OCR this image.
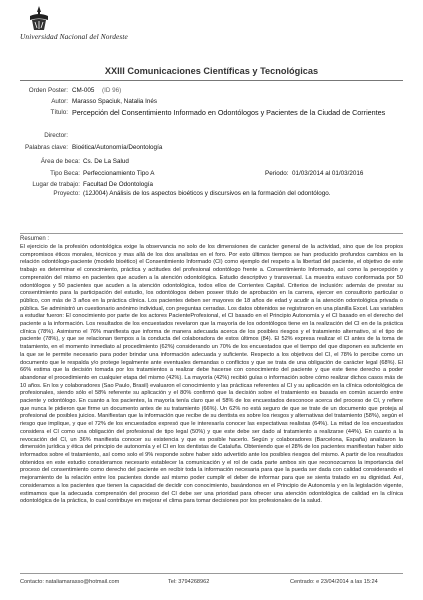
Universidad Nacional del Nordeste
XXIII Comunicaciones Científicas y Tecnológicas
Orden Poster: CM-005 (ID 96)
Autor: Marasso Spaciuk, Natalia Inés
Título: Percepción del Consentimiento Informado en Odontólogos y Pacientes de la Ciudad de Corrientes
Director:
Palabras clave: Bioética/Autonomía/Deontología
Área de beca: Cs. De La Salud
Tipo Beca: Perfeccionamiento Tipo A	Periodo: 01/03/2014 al 01/03/2016
Lugar de trabajo: Facultad De Odontología
Proyecto: (12J004) Análisis de los aspectos bioéticos y discursivos en la formación del odontólogo.
Resumen :
El ejercicio de la profesión odontológica exige la observancia no solo de los dimensiones de carácter general de la actividad, sino que de los propios compromisos éticos morales, técnicos y mas allá de los dos analistas en el foro. Por esto últimos tiempos se han producido profundos cambios en la relación odontólogo-paciente (modelo bioético) el Consentimiento Informado (CI) como ejemplo del respeto a la libertad del paciente, el objetivo de este trabajo es determinar el conocimiento, práctica y actitudes del profesional odontólogo frente a. Consentimiento Informado, así como la percepción y comprensión del mismo en pacientes que acuden a la atención odontológica. Estudio descriptivo y transversal. La muestra estuvo conformada por 50 odontólogos y 50 pacientes que acuden a la atención odontológica, todos ellos de Corrientes Capital. Criterios de inclusión: además de prestar su consentimiento para la participación del estudio, los odontólogos deben poseer título de aprobación en la carrera, ejercer en consultorio particular o público, con más de 3 años en la práctica clínica. Los pacientes deben ser mayores de 18 años de edad y acudir a la atención odontológica privada o pública. Se administró un cuestionario anónimo individual, con preguntas cerradas. Los datos obtenidos se registraron en una planilla Excel. Las variables a estudiar fueron: El conocimiento por parte de los actores PacienteProfesional, el CI basado en el Principio Autonomía y el CI basado en el derecho del paciente a la información. Los resultados de los encuestados revelaron que la mayoría de los odontólogos tiene en la realización del CI en de la práctica clínica (78%). Asimismo el 76% manifiesta que informa de manera adecuada acerca de los posibles riesgos y el tratamiento alternativo, si el tipo de paciente (78%), y que se relacionan tiempos a la conducta del colaboradora de estos últimos (84). El 52% expresa realizar el CI antes de la toma de tratamiento, en el momento inmediato al procedimiento (62%) considerando un 70% de los encuestados que el tiempo del que disponen es suficiente en la que se le permite necesario para poder brindar una información adecuada y suficiente. Respecto a los objetivos del CI, el 78% lo percibe como un documento que le respalda y/o protege legalmente ante eventuales demandas o conflictos y que se trata de una obligación de carácter legal (68%). El 66% estima que la decisión tomada por los tratamientos a realizar debe hacerse con conocimiento del paciente y que este tiene derecho a poder abandonar el procedimiento en cualquier etapa del mismo (42%). La mayoría (42%) recibió guías o información sobre cómo realizar dichos casos más de 10 años. En los y colaboradores (Sao Paulo, Brasil) evaluaron el conocimiento y las prácticas referentes al CI y su aplicación en la clínica odontológica de profesionales, siendo sólo el 58% referente su aplicación y el 80% confirmó que la decisión sobre el tratamiento es basada en común acuerdo entre paciente y odontólogo. En cuanto a los pacientes, la mayoría tenía claro que el 58% de los encuestados desconoce acerca del proceso de CI, y refiere que nunca le pidieron que firme un documento antes de su tratamiento (66%). Un 62% no está seguro de que se trate de un documento que proteja al profesional de posibles juicios. Manifiestan que la información que recibe de su dentista es sobre los riesgos y alternativas del tratamiento (58%), según el riesgo que implique, y que el 72% de los encuestados expresó que le interesaría conocer las expectativas realistas (64%). La mitad de los encuestados considera el CI como una obligación del profesional de tipo legal (50%) y que este debe ser dado al tratamiento a realizarse (44%). En cuanto a la revocación del CI, un 36% manifiesta conocer su existencia y que es posible hacerlo. Según y colaboradores (Barcelona, España) analizaron la dimensión jurídica y ética del principio de autonomía y el CI en los dentistas de Cataluña. Obteniendo que el 28% de los pacientes manifiestan haber sido informados sobre el tratamiento, así como solo el 9% responde sobre haber sido advertido ante los posibles riesgos del mismo. A partir de los resultados obtenidos en este estudio consideramos necesario establecer la comunicación y el rol de cada parte ambos sin que reconozcamos la importancia del proceso del consentimiento como derecho del paciente en recibir toda la información necesaria para que la pueda ser dada con calidad considerando el mejoramiento de la relación entre los pacientes donde así mismo poder cumplir el deber de informar para que se sienta tratado en su dignidad. Así, consideramos a los pacientes que tienen la capacidad de decidir con conocimiento, basándonos en el Principio de Autonomía y en la legislación vigente, estimamos que la adecuada comprensión del proceso del CI debe ser una prioridad para ofrecer una atención odontológica de calidad en la clínica odontológica de la práctica, lo cual contribuye en mejorar el clima para tomar decisiones por los profesionales de la salud.
Contacto: nataliamarasso@hotmail.com	Tel: 3794268962	Centrado: e 23/04/2014 a las 15:24
